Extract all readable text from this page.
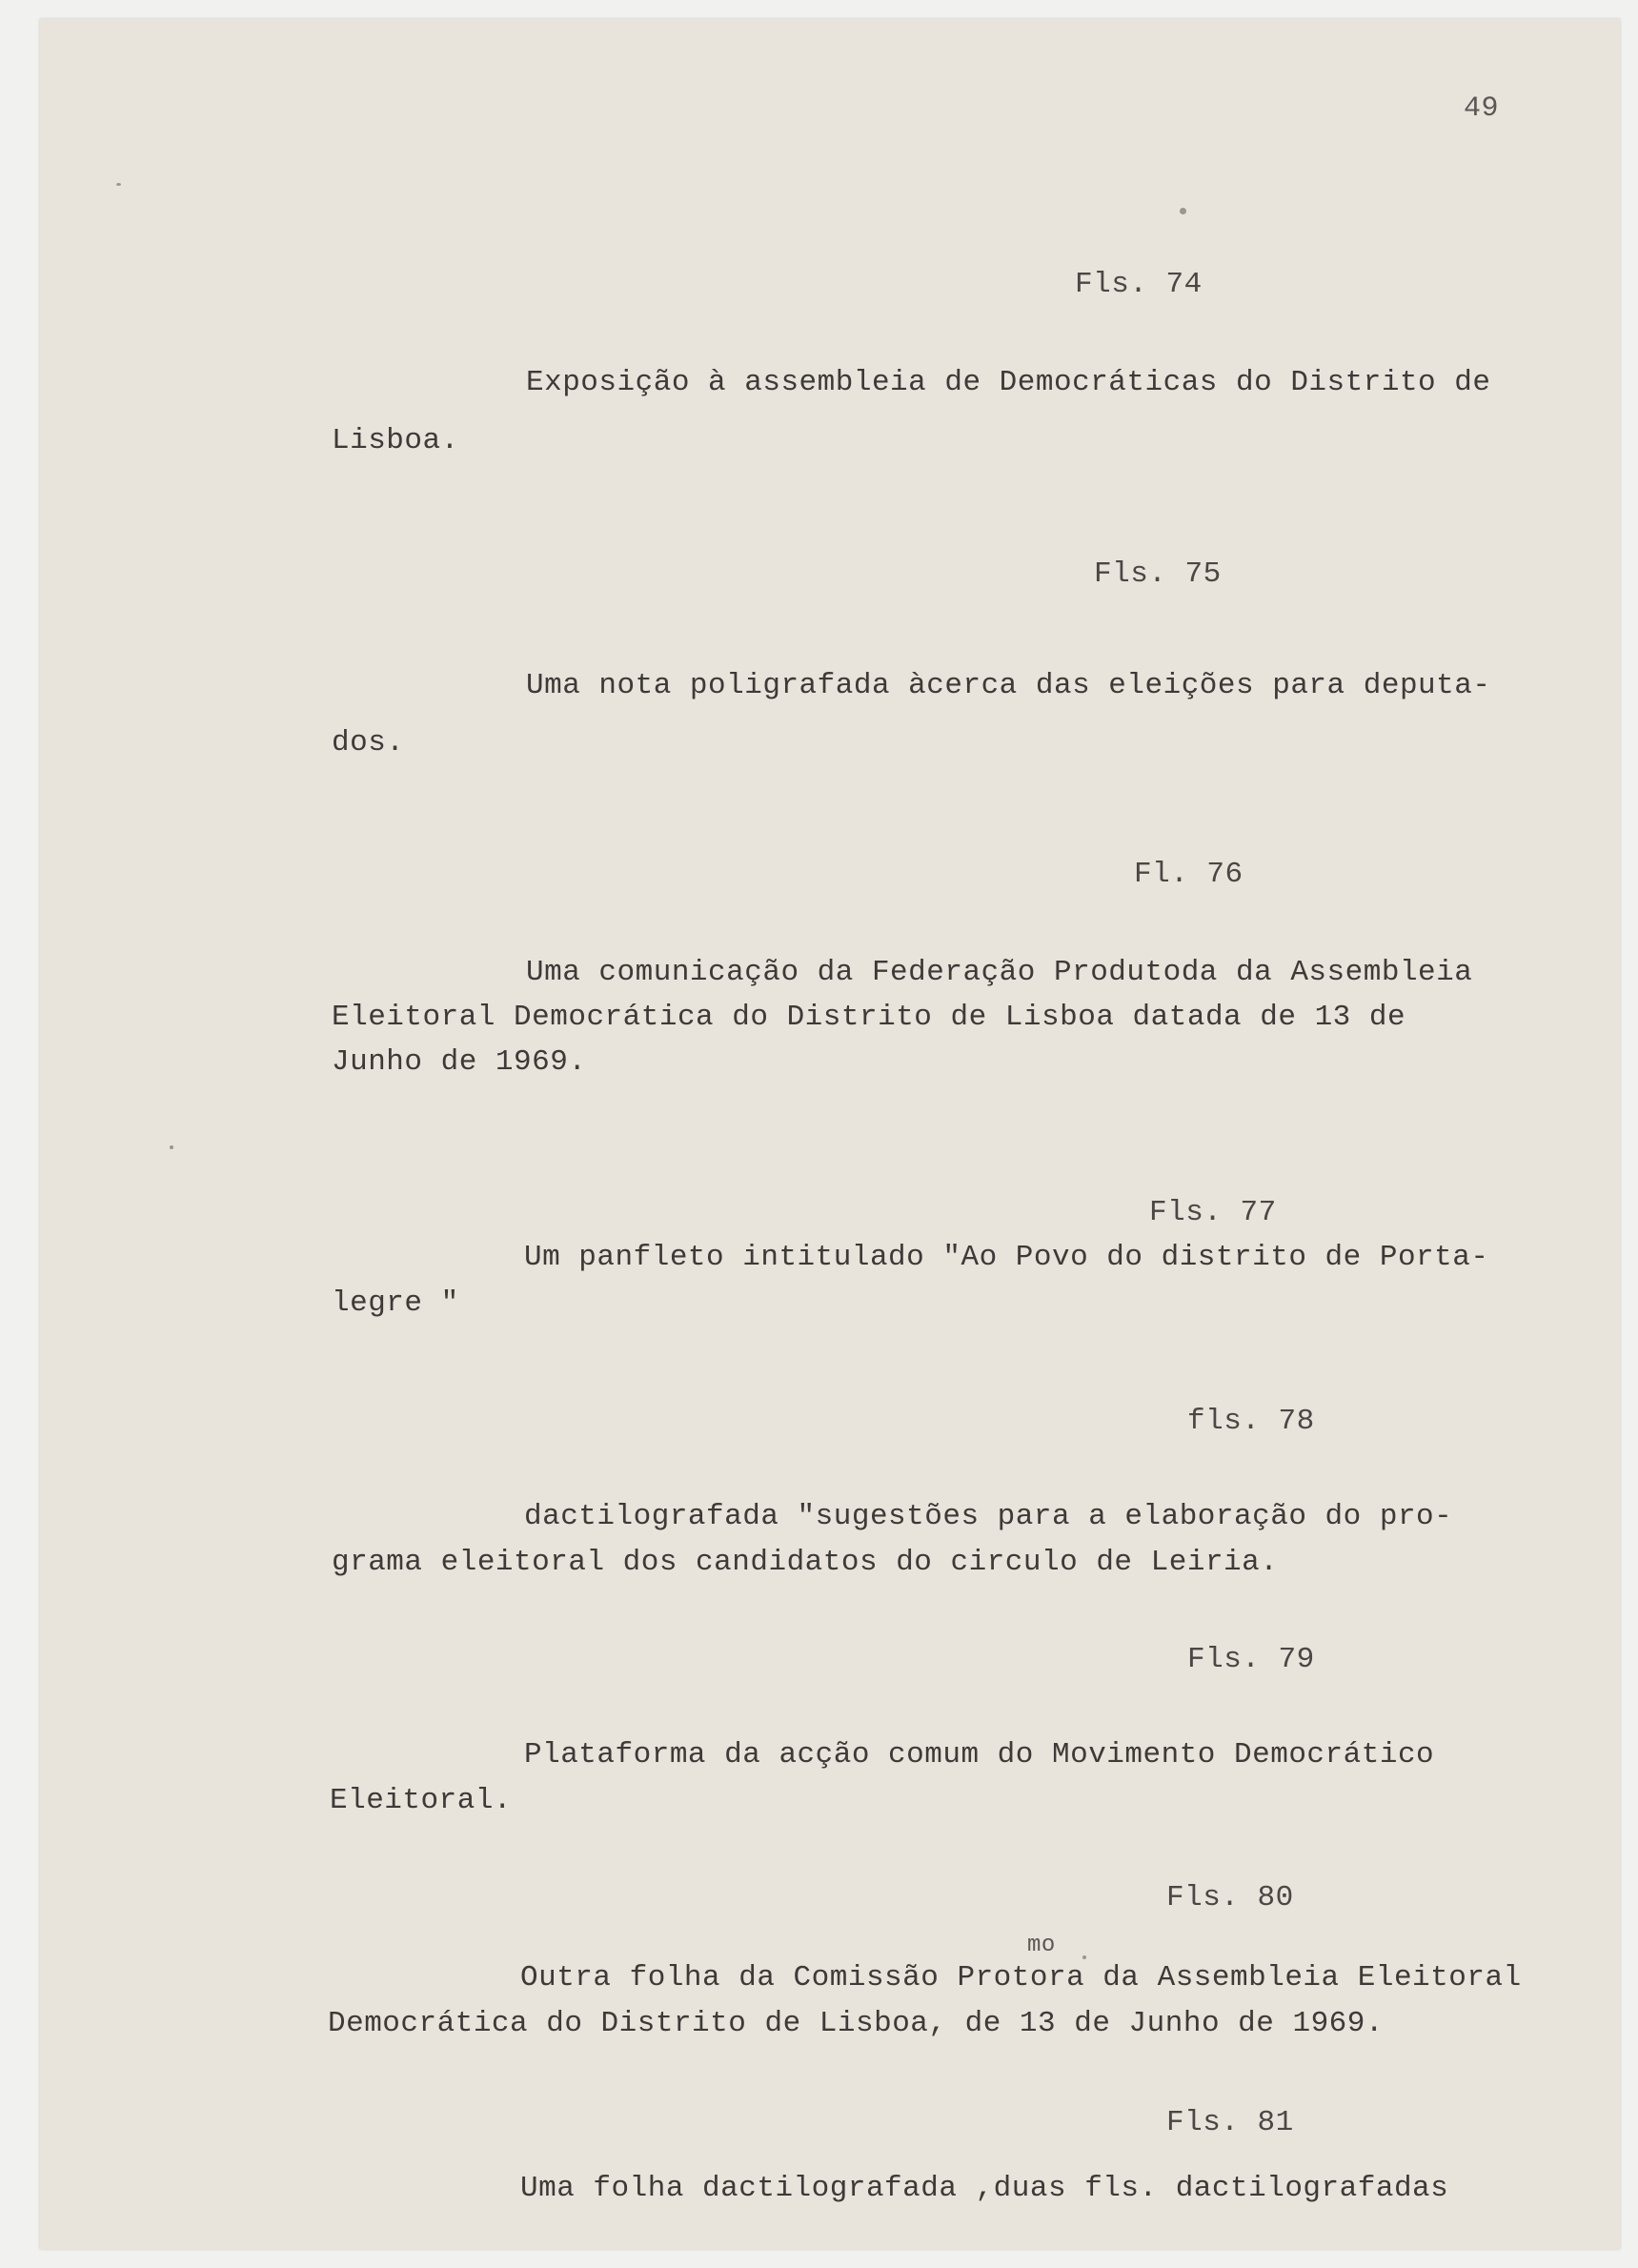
49
Fls. 74
Exposição à assembleia de Democráticas do Distrito de
Lisboa.
Fls. 75
Uma nota poligrafada àcerca das eleições para deputa-
dos.
Fl. 76
Uma comunicação da Federação Produtoda da Assembleia
Eleitoral Democrática do Distrito de Lisboa datada de 13 de
Junho de 1969.
Fls. 77
Um panfleto intitulado "Ao Povo do distrito de Porta-
legre "
fls. 78
dactilografada "sugestões para a elaboração do pro-
grama eleitoral dos candidatos do circulo de Leiria.
Fls. 79
Plataforma da acção comum do Movimento Democrático
Eleitoral.
Fls. 80
mo
Outra folha da Comissão Protora da Assembleia Eleitoral
Democrática do Distrito de Lisboa, de 13 de Junho de 1969.
Fls. 81
Uma folha dactilografada ,duas fls. dactilografadas
